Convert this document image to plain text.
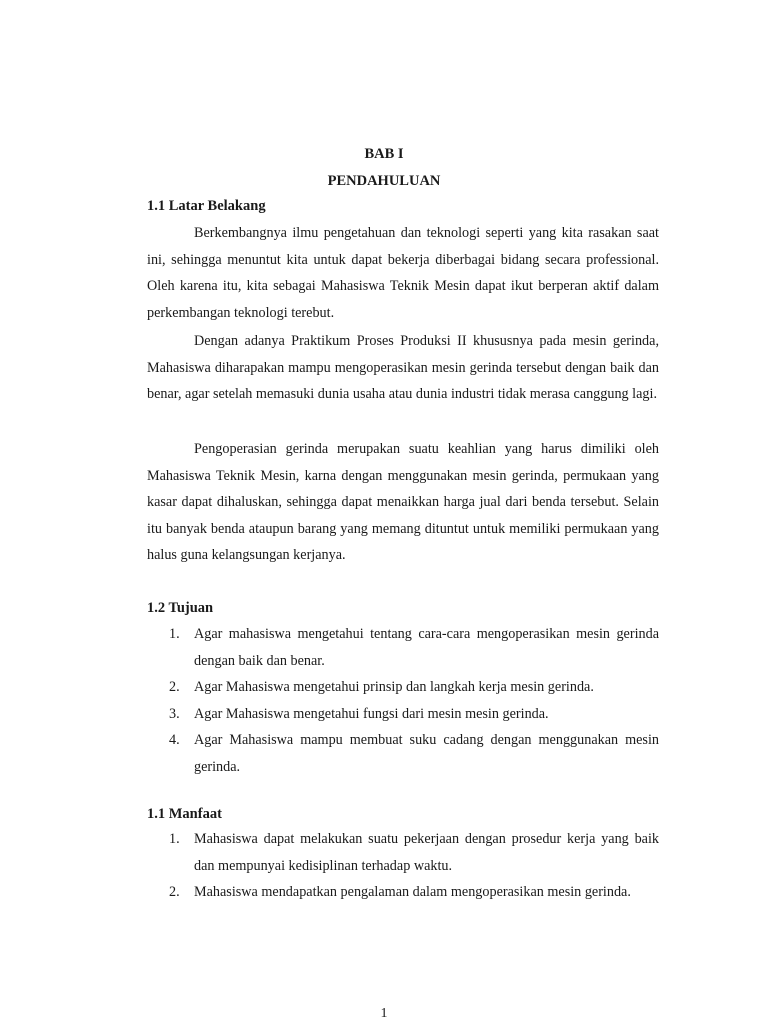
BAB I
PENDAHULUAN
1.1 Latar Belakang

Berkembangnya ilmu pengetahuan dan teknologi seperti yang kita rasakan saat ini, sehingga menuntut kita untuk dapat bekerja diberbagai bidang secara professional. Oleh karena itu, kita sebagai Mahasiswa Teknik Mesin dapat ikut berperan aktif dalam perkembangan teknologi terebut.

Dengan adanya Praktikum Proses Produksi II khususnya pada mesin gerinda, Mahasiswa diharapakan mampu mengoperasikan mesin gerinda tersebut dengan baik dan benar, agar setelah memasuki dunia usaha atau dunia industri tidak merasa canggung lagi.

Pengoperasian gerinda merupakan suatu keahlian yang harus dimiliki oleh Mahasiswa Teknik Mesin, karna dengan menggunakan mesin gerinda, permukaan yang kasar dapat dihaluskan, sehingga dapat menaikkan harga jual dari benda tersebut. Selain itu banyak benda ataupun barang yang memang dituntut untuk memiliki permukaan yang halus guna kelangsungan kerjanya.

1.2 Tujuan
1. Agar mahasiswa mengetahui tentang cara-cara mengoperasikan mesin gerinda dengan baik dan benar.
2. Agar Mahasiswa mengetahui prinsip dan langkah kerja mesin gerinda.
3. Agar Mahasiswa mengetahui fungsi dari mesin mesin gerinda.
4. Agar Mahasiswa mampu membuat suku cadang dengan menggunakan mesin gerinda.
1.1 Manfaat
1. Mahasiswa dapat melakukan suatu pekerjaan dengan prosedur kerja yang baik dan mempunyai kedisiplinan terhadap waktu.
2. Mahasiswa mendapatkan pengalaman dalam mengoperasikan mesin gerinda.
1
